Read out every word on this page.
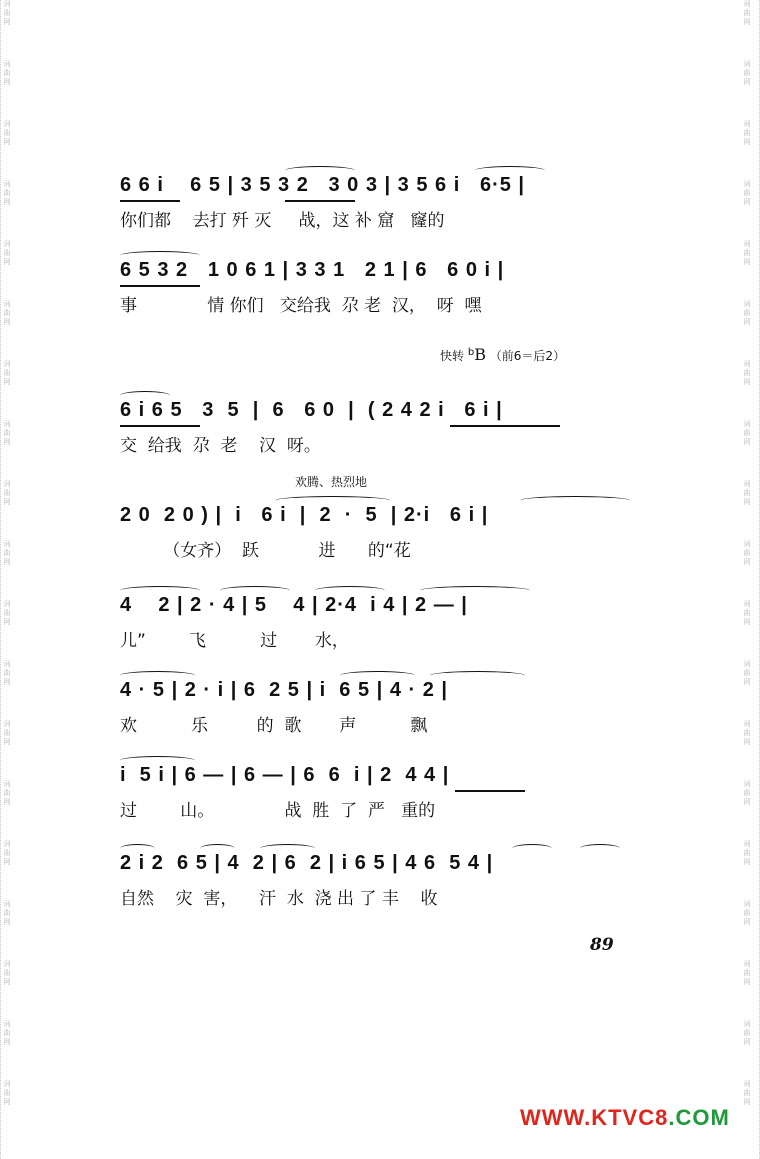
词
曲
网
词
曲
网
词
曲
网
词
曲
网
词
曲
网
词
曲
网
词
曲
网
词
曲
网
词
曲
网
词
曲
网
词
曲
网
词
曲
网
词
曲
网
词
曲
网
词
曲
网
词
曲
网
词
曲
网
词
曲
网
词
曲
网
词
曲
网
词
曲
网
词
曲
网
词
曲
网
词
曲
网
词
曲
网
词
曲
网
词
曲
网
词
曲
网
词
曲
网
词
曲
网
词
曲
网
词
曲
网
词
曲
网
词
曲
网
词
曲
网
词
曲
网
词
曲
网
词
曲
网
6 6 i    6 5 | 3 5 3 2   3 0 3 | 3 5 6 i   6·5 |
你们都    去打 歼 灭     战，这 补 窟   窿的
6 5 3 2   1 0 6 1 | 3 3 1   2 1 | 6   6 0 i |
事             情 你们   交给我  尕 老  汉，  呀  嘿
快转 $^b$B （前6＝后2）
6 i 6 5   3  5  |  6   6 0  |  ( 2 4 2 i   6 i |
交  给我  尕  老    汉  呀。
欢腾、热烈地
2 0  2 0 ) |  i   6 i  |  2  ·  5  | 2·i   6 i |
（女齐）  跃           进      的“花
4    2 | 2 · 4 | 5    4 | 2·4  i 4 | 2 — |
儿”        飞          过       水，
4 · 5 | 2 · i | 6  2 5 | i  6 5 | 4 · 2 |
欢          乐         的  歌       声          飘
i  5 i | 6 — | 6 — | 6  6  i | 2  4 4 |
过        山。             战  胜  了  严   重的
2 i 2  6 5 | 4  2 | 6  2 | i 6 5 | 4 6  5 4 |
自然    灾  害，    汗  水  浇 出 了 丰    收
89
WWW.KTVC8.COM
